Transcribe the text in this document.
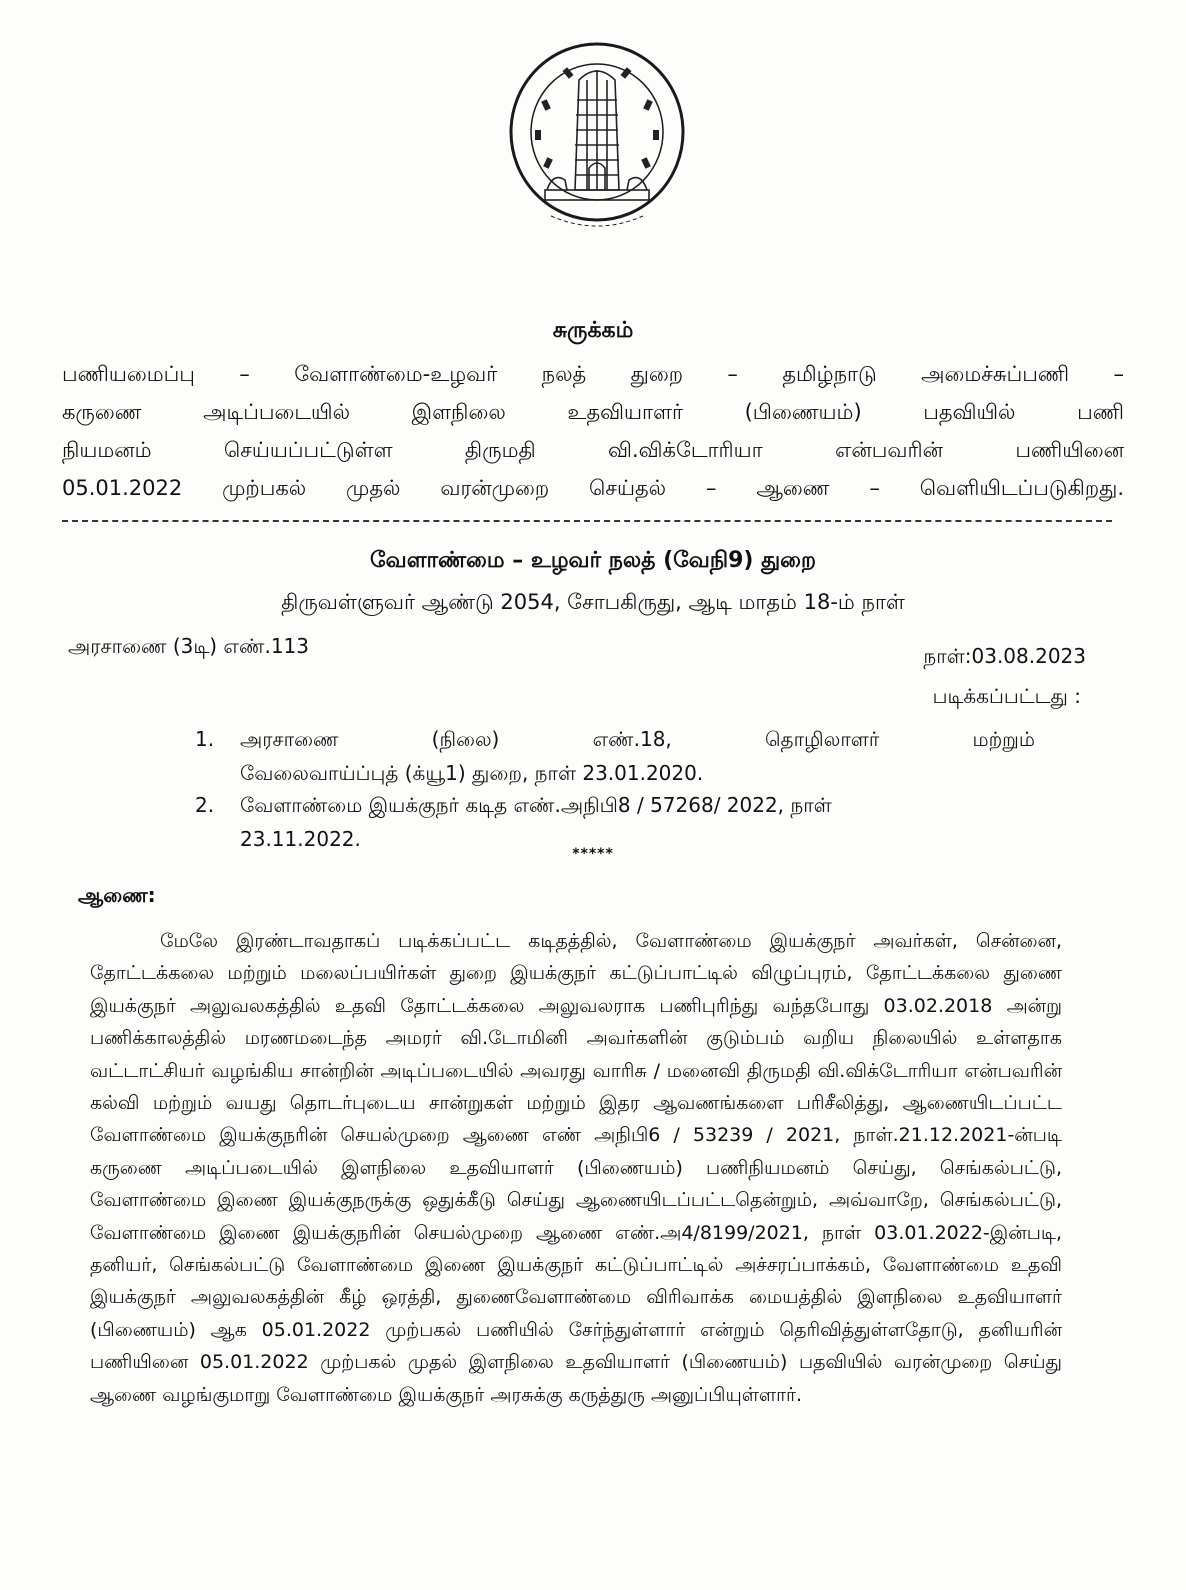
சுருக்கம்
பணியமைப்பு – வேளாண்மை-உழவர் நலத் துறை – தமிழ்நாடு அமைச்சுப்பணி –
கருணை அடிப்படையில் இளநிலை உதவியாளர் (பிணையம்) பதவியில் பணி
நியமனம் செய்யப்பட்டுள்ள திருமதி வி.விக்டோரியா என்பவரின் பணியினை
05.01.2022 முற்பகல் முதல் வரன்முறை செய்தல் – ஆணை – வெளியிடப்படுகிறது.
வேளாண்மை – உழவர் நலத் (வேநி9) துறை
திருவள்ளுவர் ஆண்டு 2054, சோபகிருது, ஆடி மாதம் 18-ம் நாள்
அரசாணை (3டி) எண்.113	நாள்:03.08.2023
படிக்கப்பட்டது :
1. அரசாணை (நிலை) எண்.18, தொழிலாளர் மற்றும்
வேலைவாய்ப்புத் (க்யூ1) துறை, நாள் 23.01.2020.
2. வேளாண்மை இயக்குநர் கடித எண்.அநிபி8 / 57268/ 2022, நாள்
23.11.2022.
*****
ஆணை:
மேலே இரண்டாவதாகப் படிக்கப்பட்ட கடிதத்தில், வேளாண்மை இயக்குநர் அவர்கள், சென்னை, தோட்டக்கலை மற்றும் மலைப்பயிர்கள் துறை இயக்குநர் கட்டுப்பாட்டில் விழுப்புரம், தோட்டக்கலை துணை இயக்குநர் அலுவலகத்தில் உதவி தோட்டக்கலை அலுவலராக பணிபுரிந்து வந்தபோது 03.02.2018 அன்று பணிக்காலத்தில் மரணமடைந்த அமரர் வி.டோமினி அவர்களின் குடும்பம் வறிய நிலையில் உள்ளதாக வட்டாட்சியர் வழங்கிய சான்றின் அடிப்படையில் அவரது வாரிசு / மனைவி திருமதி வி.விக்டோரியா என்பவரின் கல்வி மற்றும் வயது தொடர்புடைய சான்றுகள் மற்றும் இதர ஆவணங்களை பரிசீலித்து, ஆணையிடப்பட்ட வேளாண்மை இயக்குநரின் செயல்முறை ஆணை எண் அநிபி6 / 53239 / 2021, நாள்.21.12.2021-ன்படி கருணை அடிப்படையில் இளநிலை உதவியாளர் (பிணையம்) பணிநியமனம் செய்து, செங்கல்பட்டு, வேளாண்மை இணை இயக்குநருக்கு ஒதுக்கீடு செய்து ஆணையிடப்பட்டதென்றும், அவ்வாறே, செங்கல்பட்டு, வேளாண்மை இணை இயக்குநரின் செயல்முறை ஆணை எண்.அ4/8199/2021, நாள் 03.01.2022-இன்படி, தனியர், செங்கல்பட்டு வேளாண்மை இணை இயக்குநர் கட்டுப்பாட்டில் அச்சரப்பாக்கம், வேளாண்மை உதவி இயக்குநர் அலுவலகத்தின் கீழ் ஒரத்தி, துணைவேளாண்மை விரிவாக்க மையத்தில் இளநிலை உதவியாளர் (பிணையம்) ஆக 05.01.2022 முற்பகல் பணியில் சேர்ந்துள்ளார் என்றும் தெரிவித்துள்ளதோடு, தனியரின் பணியினை 05.01.2022 முற்பகல் முதல் இளநிலை உதவியாளர் (பிணையம்) பதவியில் வரன்முறை செய்து ஆணை வழங்குமாறு வேளாண்மை இயக்குநர் அரசுக்கு கருத்துரு அனுப்பியுள்ளார்.
